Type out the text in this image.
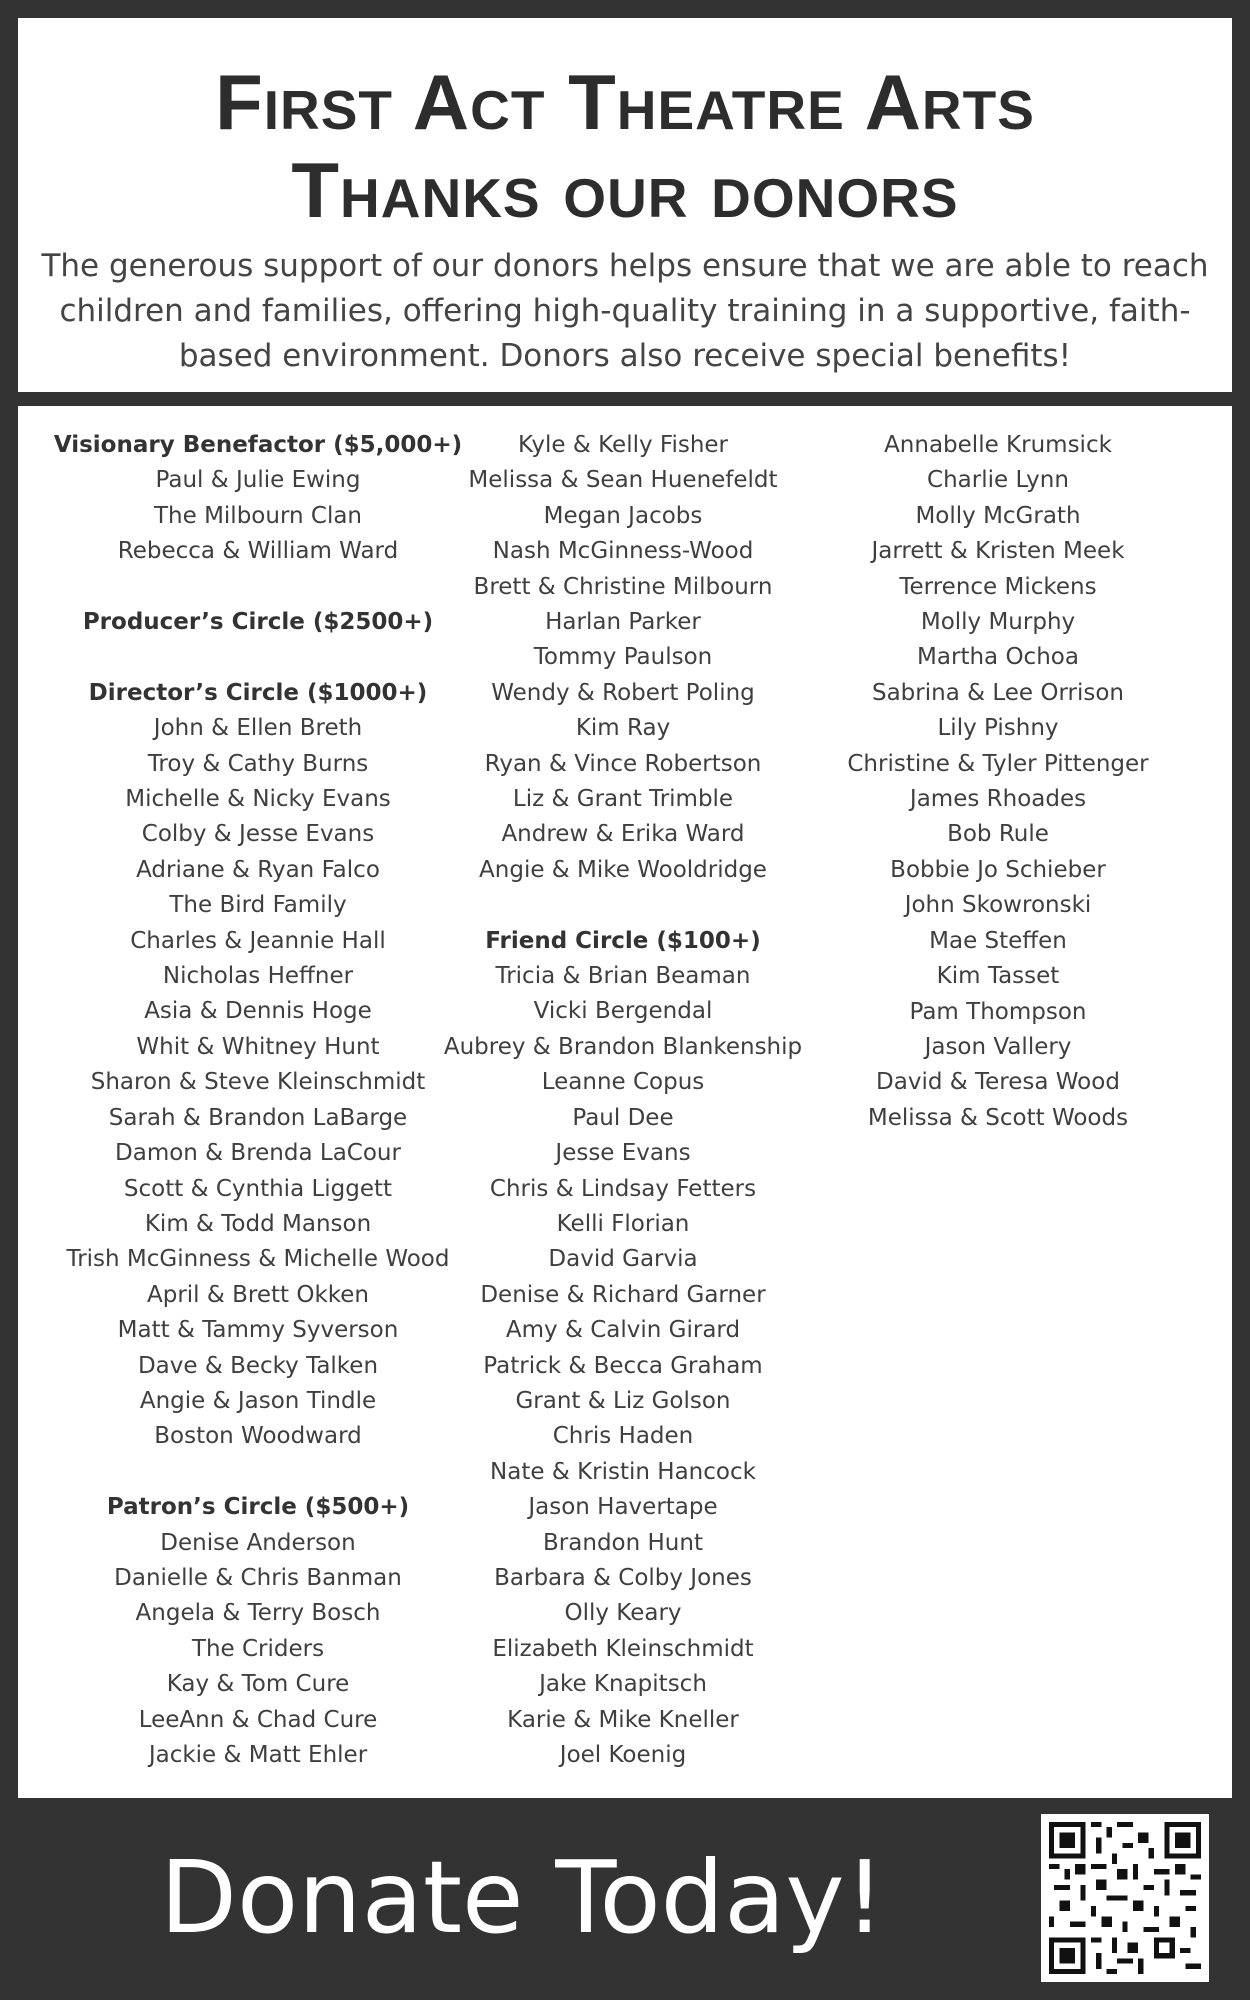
First Act Theatre Arts
Thanks our donors
The generous support of our donors helps ensure that we are able to reach children and families, offering high-quality training in a supportive, faith-based environment. Donors also receive special benefits!
Visionary Benefactor ($5,000+)
Paul & Julie Ewing
The Milbourn Clan
Rebecca & William Ward
Producer’s Circle ($2500+)
Director’s Circle ($1000+)
John & Ellen Breth
Troy & Cathy Burns
Michelle & Nicky Evans
Colby & Jesse Evans
Adriane & Ryan Falco
The Bird Family
Charles & Jeannie Hall
Nicholas Heffner
Asia & Dennis Hoge
Whit & Whitney Hunt
Sharon & Steve Kleinschmidt
Sarah & Brandon LaBarge
Damon & Brenda LaCour
Scott & Cynthia Liggett
Kim & Todd Manson
Trish McGinness & Michelle Wood
April & Brett Okken
Matt & Tammy Syverson
Dave & Becky Talken
Angie & Jason Tindle
Boston Woodward
Patron’s Circle ($500+)
Denise Anderson
Danielle & Chris Banman
Angela & Terry Bosch
The Criders
Kay & Tom Cure
LeeAnn & Chad Cure
Jackie & Matt Ehler
Kyle & Kelly Fisher
Melissa & Sean Huenefeldt
Megan Jacobs
Nash McGinness-Wood
Brett & Christine Milbourn
Harlan Parker
Tommy Paulson
Wendy & Robert Poling
Kim Ray
Ryan & Vince Robertson
Liz & Grant Trimble
Andrew & Erika Ward
Angie & Mike Wooldridge
Friend Circle ($100+)
Tricia & Brian Beaman
Vicki Bergendal
Aubrey & Brandon Blankenship
Leanne Copus
Paul Dee
Jesse Evans
Chris & Lindsay Fetters
Kelli Florian
David Garvia
Denise & Richard Garner
Amy & Calvin Girard
Patrick & Becca Graham
Grant & Liz Golson
Chris Haden
Nate & Kristin Hancock
Jason Havertape
Brandon Hunt
Barbara & Colby Jones
Olly Keary
Elizabeth Kleinschmidt
Jake Knapitsch
Karie & Mike Kneller
Joel Koenig
Annabelle Krumsick
Charlie Lynn
Molly McGrath
Jarrett & Kristen Meek
Terrence Mickens
Molly Murphy
Martha Ochoa
Sabrina & Lee Orrison
Lily Pishny
Christine & Tyler Pittenger
James Rhoades
Bob Rule
Bobbie Jo Schieber
John Skowronski
Mae Steffen
Kim Tasset
Pam Thompson
Jason Vallery
David & Teresa Wood
Melissa & Scott Woods
Donate Today!
